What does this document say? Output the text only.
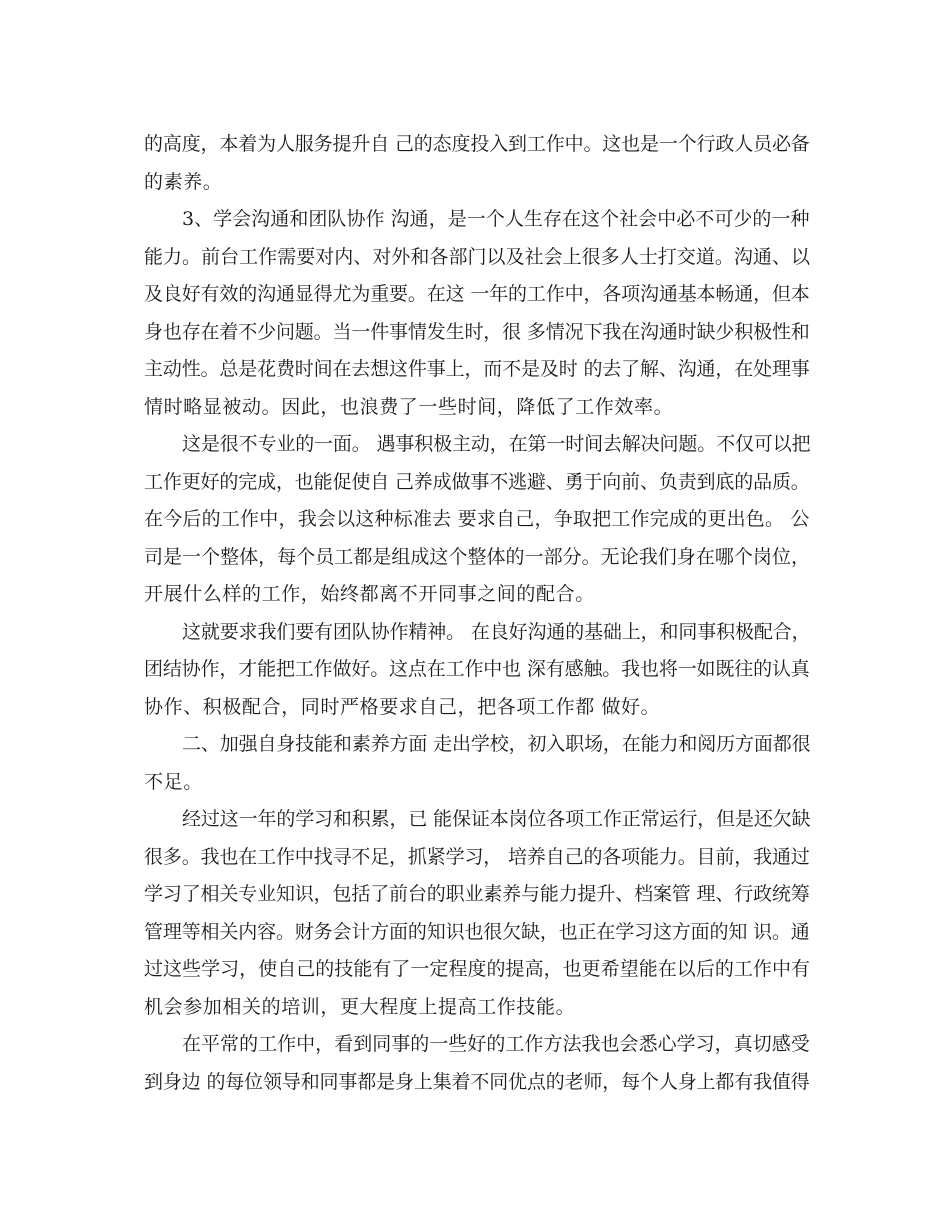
的高度，本着为人服务提升自 己的态度投入到工作中。这也是一个行政人员必备
的素养。
3、学会沟通和团队协作 沟通，是一个人生存在这个社会中必不可少的一种
能力。前台工作需要对内、对外和各部门以及社会上很多人士打交道。沟通、以
及良好有效的沟通显得尤为重要。在这 一年的工作中，各项沟通基本畅通，但本
身也存在着不少问题。当一件事情发生时，很 多情况下我在沟通时缺少积极性和
主动性。总是花费时间在去想这件事上，而不是及时 的去了解、沟通，在处理事
情时略显被动。因此，也浪费了一些时间，降低了工作效率。
这是很不专业的一面。 遇事积极主动，在第一时间去解决问题。不仅可以把
工作更好的完成，也能促使自 己养成做事不逃避、勇于向前、负责到底的品质。
在今后的工作中，我会以这种标准去 要求自己，争取把工作完成的更出色。 公
司是一个整体，每个员工都是组成这个整体的一部分。无论我们身在哪个岗位，
开展什么样的工作，始终都离不开同事之间的配合。
这就要求我们要有团队协作精神。 在良好沟通的基础上，和同事积极配合，
团结协作，才能把工作做好。这点在工作中也 深有感触。我也将一如既往的认真
协作、积极配合，同时严格要求自己，把各项工作都 做好。
二、加强自身技能和素养方面 走出学校，初入职场，在能力和阅历方面都很
不足。
经过这一年的学习和积累，已 能保证本岗位各项工作正常运行，但是还欠缺
很多。我也在工作中找寻不足，抓紧学习， 培养自己的各项能力。目前，我通过
学习了相关专业知识，包括了前台的职业素养与能力提升、档案管 理、行政统筹
管理等相关内容。财务会计方面的知识也很欠缺，也正在学习这方面的知 识。通
过这些学习，使自己的技能有了一定程度的提高，也更希望能在以后的工作中有
机会参加相关的培训，更大程度上提高工作技能。
在平常的工作中，看到同事的一些好的工作方法我也会悉心学习，真切感受
到身边 的每位领导和同事都是身上集着不同优点的老师，每个人身上都有我值得
